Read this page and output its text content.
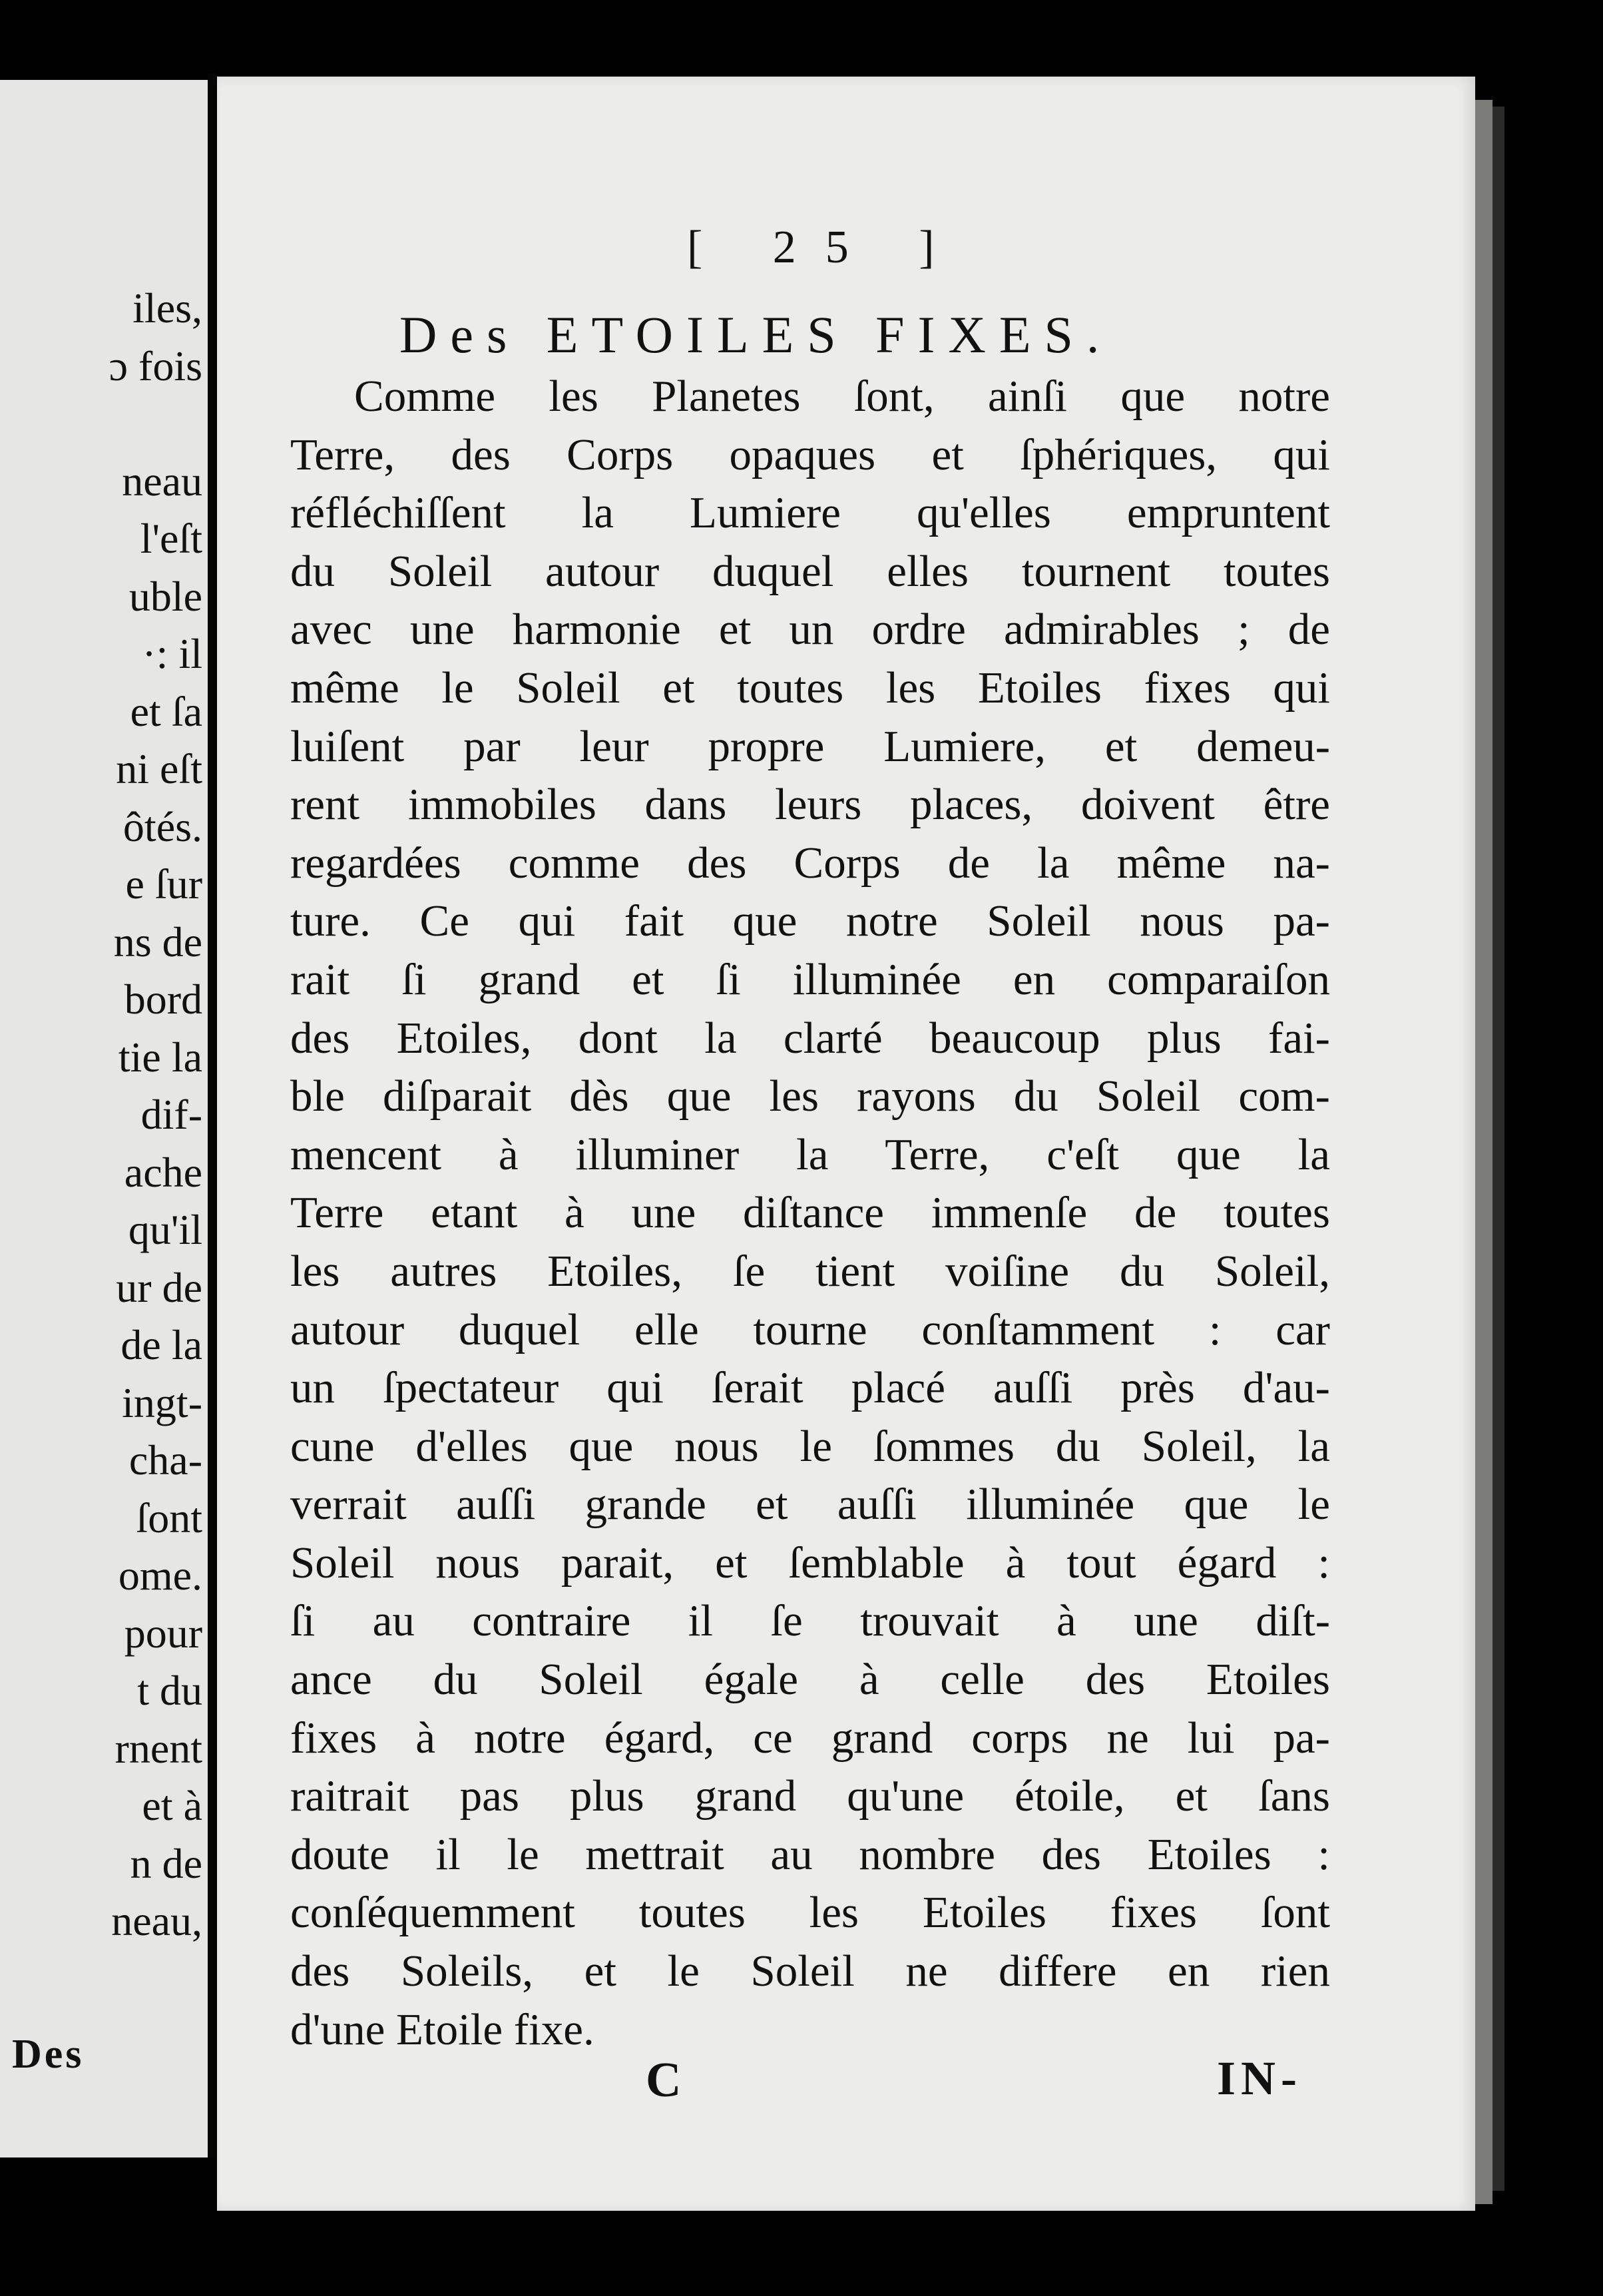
iles,
ɔ fois

neau
l'eſt
uble
·: il
et ſa
ni eſt
ôtés.
e ſur
ns de
bord
tie la
dif-
ache
qu'il
ur de
de la
ingt-
cha-
ſont
ome.
pour
t du
rnent
et à
n de
neau,
Des
[ 25 ]
Des ETOILES FIXES.
Comme les Planetes ſont, ainſi que notre
Terre, des Corps opaques et ſphériques, qui
réfléchiſſent la Lumiere qu'elles empruntent
du Soleil autour duquel elles tournent toutes
avec une harmonie et un ordre admirables ; de
même le Soleil et toutes les Etoiles fixes qui
luiſent par leur propre Lumiere, et demeu-
rent immobiles dans leurs places, doivent être
regardées comme des Corps de la même na-
ture. Ce qui fait que notre Soleil nous pa-
rait ſi grand et ſi illuminée en comparaiſon
des Etoiles, dont la clarté beaucoup plus fai-
ble diſparait dès que les rayons du Soleil com-
mencent à illuminer la Terre, c'eſt que la
Terre etant à une diſtance immenſe de toutes
les autres Etoiles, ſe tient voiſine du Soleil,
autour duquel elle tourne conſtamment : car
un ſpectateur qui ſerait placé auſſi près d'au-
cune d'elles que nous le ſommes du Soleil, la
verrait auſſi grande et auſſi illuminée que le
Soleil nous parait, et ſemblable à tout égard :
ſi au contraire il ſe trouvait à une diſt-
ance du Soleil égale à celle des Etoiles
fixes à notre égard, ce grand corps ne lui pa-
raitrait pas plus grand qu'une étoile, et ſans
doute il le mettrait au nombre des Etoiles :
conſéquemment toutes les Etoiles fixes ſont
des Soleils, et le Soleil ne differe en rien
d'une Etoile fixe.
C	IN-
